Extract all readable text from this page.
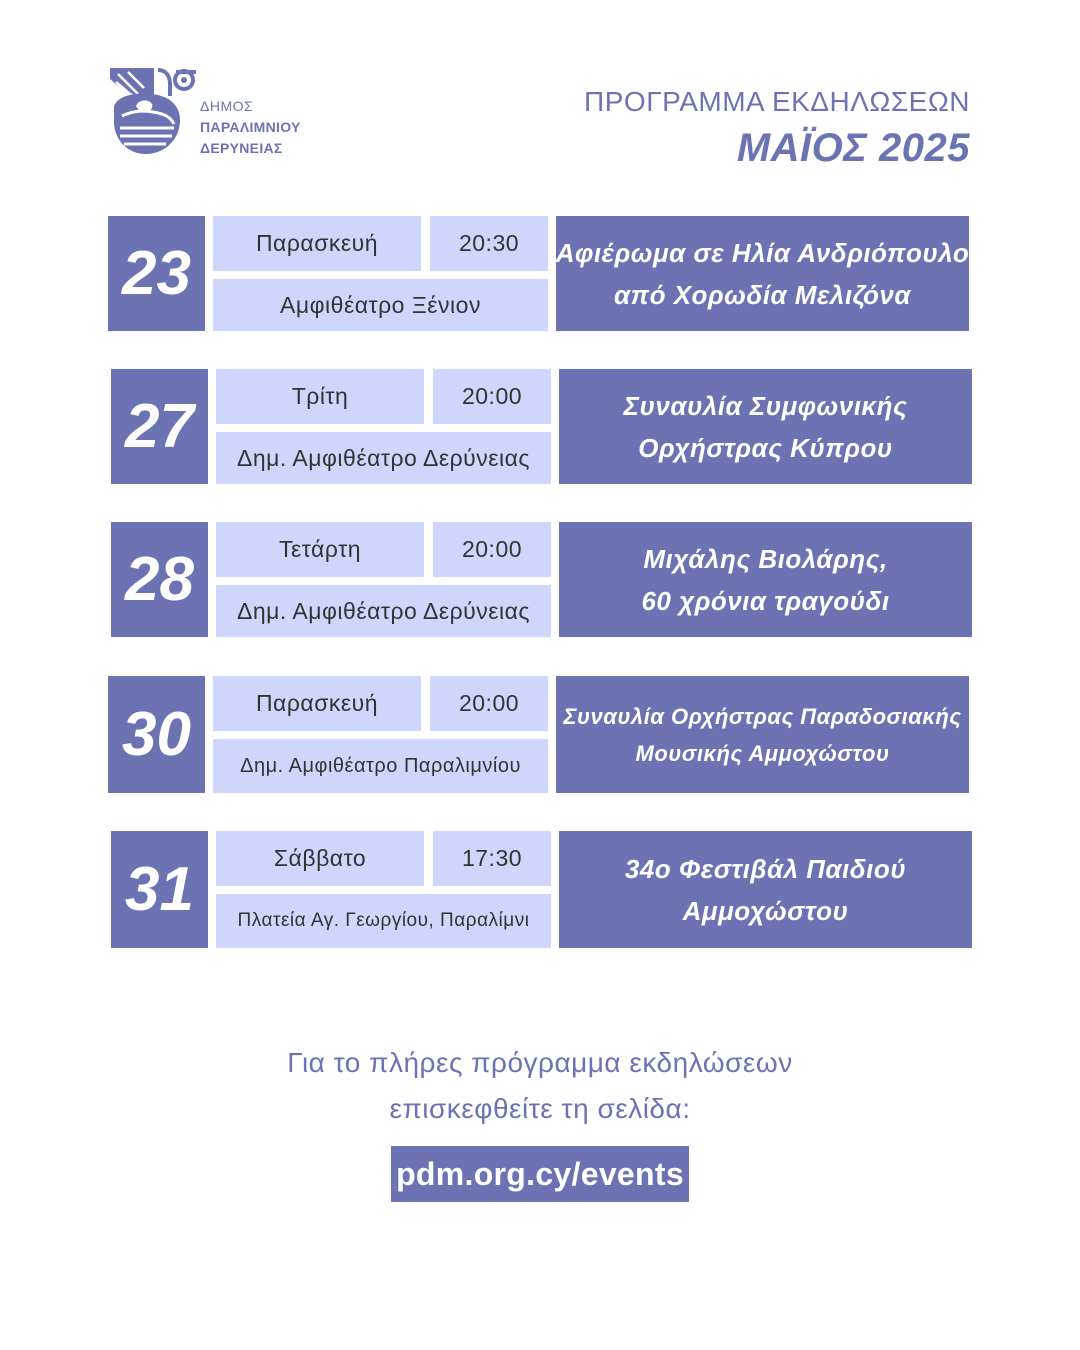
ΔΗΜΟΣ
ΠΑΡΑΛΙΜΝΙΟΥ
ΔΕΡΥΝΕΙΑΣ
ΠΡΟΓΡΑΜΜΑ ΕΚΔΗΛΩΣΕΩΝ
ΜΑΪΟΣ 2025
23	Παρασκευή	20:30
Αμφιθέατρο Ξένιον
Αφιέρωμα σε Ηλία Ανδριόπουλο
από Χορωδία Μελιζόνα
27	Τρίτη	20:00
Δημ. Αμφιθέατρο Δερύνειας
Συναυλία Συμφωνικής
Ορχήστρας Κύπρου
28	Τετάρτη	20:00
Δημ. Αμφιθέατρο Δερύνειας
Μιχάλης Βιολάρης,
60 χρόνια τραγούδι
30	Παρασκευή	20:00
Δημ. Αμφιθέατρο Παραλιμνίου
Συναυλία Ορχήστρας Παραδοσιακής
Μουσικής Αμμοχώστου
31	Σάββατο	17:30
Πλατεία Αγ. Γεωργίου, Παραλίμνι
34ο Φεστιβάλ Παιδιού
Αμμοχώστου
Για το πλήρες πρόγραμμα εκδηλώσεων
επισκεφθείτε τη σελίδα:
pdm.org.cy/events
